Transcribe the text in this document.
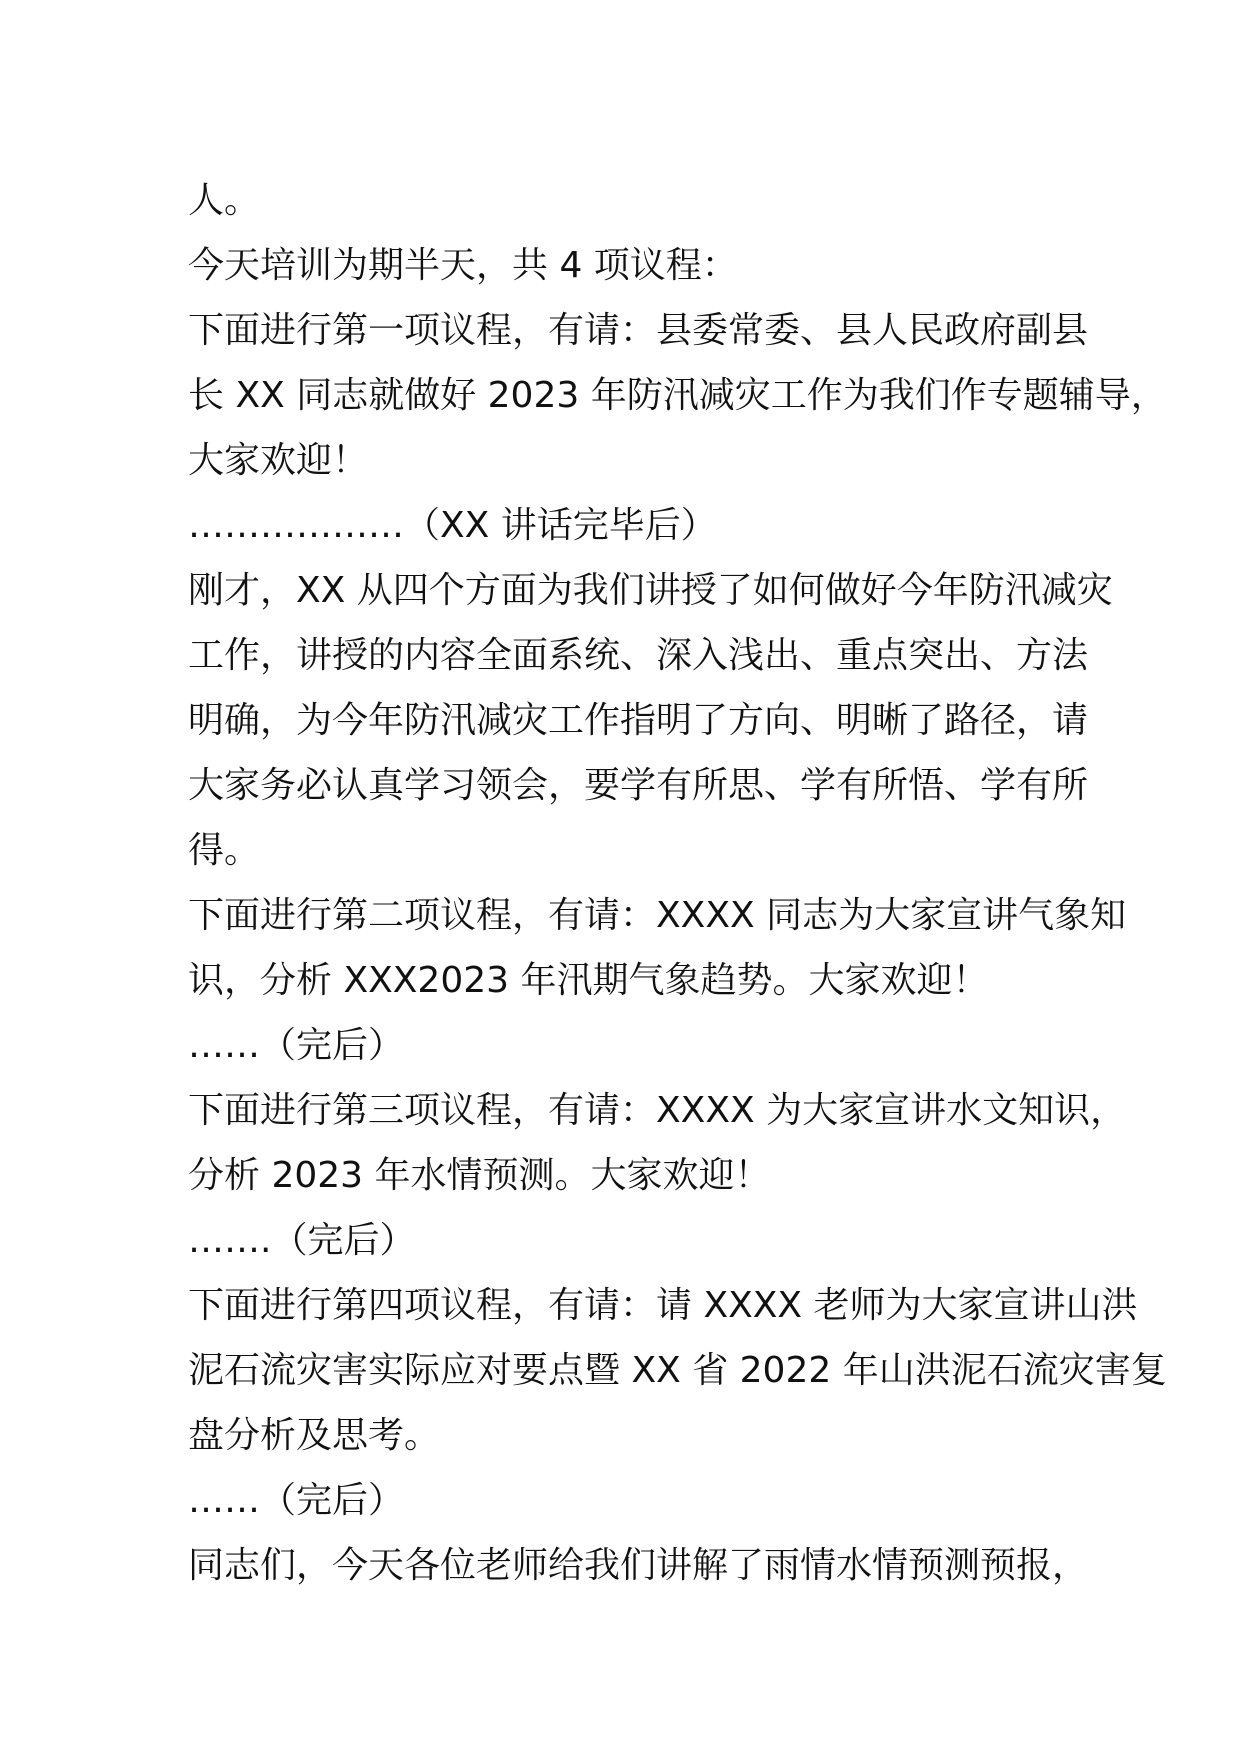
人。
今天培训为期半天，共 4 项议程：
下面进行第一项议程，有请：县委常委、县人民政府副县
长 XX 同志就做好 2023 年防汛减灾工作为我们作专题辅导，
大家欢迎！
………………（XX 讲话完毕后）
刚才，XX 从四个方面为我们讲授了如何做好今年防汛减灾
工作，讲授的内容全面系统、深入浅出、重点突出、方法
明确，为今年防汛减灾工作指明了方向、明晰了路径，请
大家务必认真学习领会，要学有所思、学有所悟、学有所
得。
下面进行第二项议程，有请：XXXX 同志为大家宣讲气象知
识，分析 XXX2023 年汛期气象趋势。大家欢迎！
……（完后）
下面进行第三项议程，有请：XXXX 为大家宣讲水文知识，
分析 2023 年水情预测。大家欢迎！
…….（完后）
下面进行第四项议程，有请：请 XXXX 老师为大家宣讲山洪
泥石流灾害实际应对要点暨 XX 省 2022 年山洪泥石流灾害复
盘分析及思考。
……（完后）
同志们，今天各位老师给我们讲解了雨情水情预测预报，
